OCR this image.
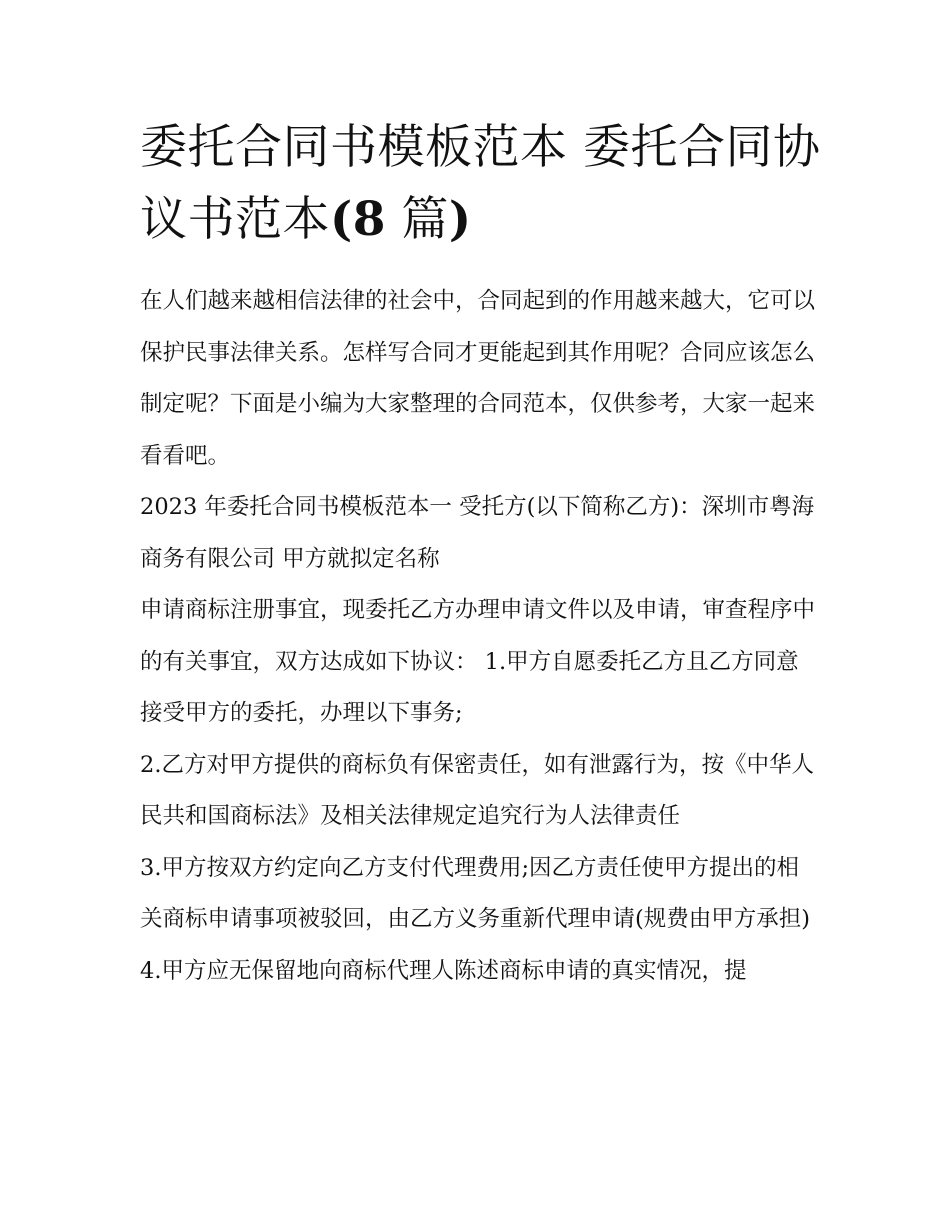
委托合同书模板范本 委托合同协议书范本(8 篇)

在人们越来越相信法律的社会中，合同起到的作用越来越大，它可以保护民事法律关系。怎样写合同才更能起到其作用呢？合同应该怎么制定呢？下面是小编为大家整理的合同范本，仅供参考，大家一起来看看吧。

2023 年委托合同书模板范本一 受托方(以下简称乙方)：深圳市粤海商务有限公司 甲方就拟定名称

申请商标注册事宜，现委托乙方办理申请文件以及申请，审查程序中的有关事宜，双方达成如下协议： 1.甲方自愿委托乙方且乙方同意接受甲方的委托，办理以下事务;

2.乙方对甲方提供的商标负有保密责任，如有泄露行为，按《中华人民共和国商标法》及相关法律规定追究行为人法律责任

3.甲方按双方约定向乙方支付代理费用;因乙方责任使甲方提出的相关商标申请事项被驳回，由乙方义务重新代理申请(规费由甲方承担)

4.甲方应无保留地向商标代理人陈述商标申请的真实情况，提
